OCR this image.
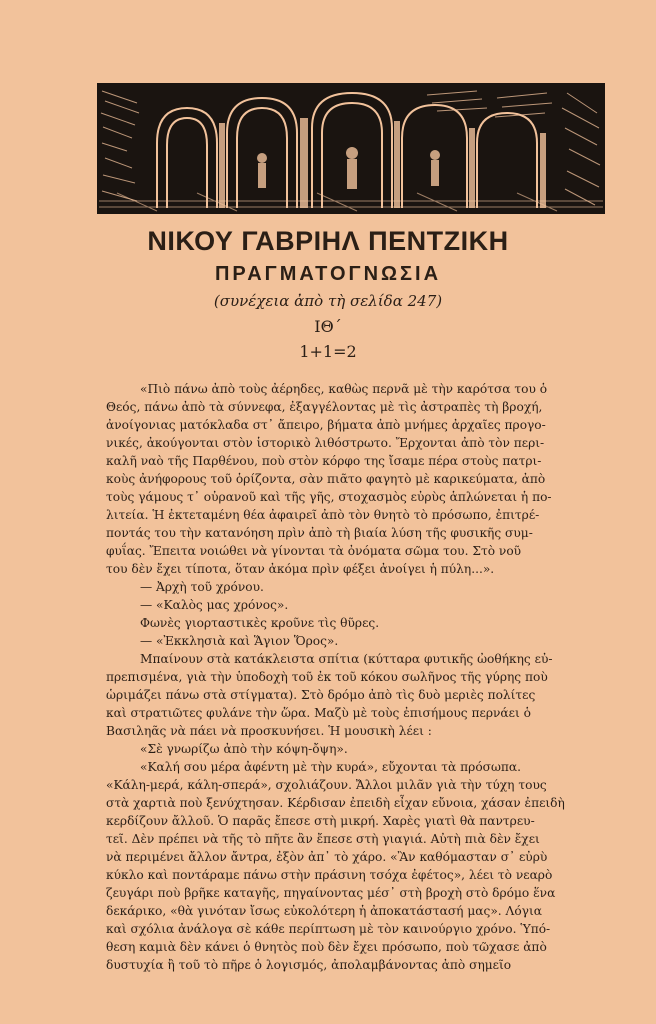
ΝΙΚΟΥ ΓΑΒΡΙΗΛ ΠΕΝΤΖΙΚΗ
ΠΡΑΓΜΑΤΟΓΝΩΣΙΑ
(συνέχεια ἀπὸ τὴ σελίδα 247)
ΙΘ΄
1+1=2

«Πιὸ πάνω ἀπὸ τοὺς ἀέρηδες, καθὼς περνᾶ μὲ τὴν καρότσα του ὁ

Θεός, πάνω ἀπὸ τὰ σύννεφα, ἐξαγγέλοντας μὲ τὶς ἀστραπὲς τὴ βροχή,

ἀνοίγονιας ματόκλαδα στ᾽ ἄπειρο, βήματα ἀπὸ μνήμες ἀρχαῖες προγο-

νικές, ἀκούγονται στὸν ἱστορικὸ λιθόστρωτο. Ἔρχονται ἀπὸ τὸν περι-

καλῆ ναὸ τῆς Παρθένου, ποὺ στὸν κόρφο της ἴσαμε πέρα στοὺς πατρι-

κοὺς ἀνήφορους τοῦ ὁρίζοντα, σὰν πιᾶτο φαγητὸ μὲ καρικεύματα, ἀπὸ

τοὺς γάμους τ᾽ οὐρανοῦ καὶ τῆς γῆς, στοχασμὸς εὐρὺς ἁπλώνεται ἡ πο-

λιτεία. Ἡ ἐκτεταμένη θέα ἀφαιρεῖ ἀπὸ τὸν θνητὸ τὸ πρόσωπο, ἐπιτρέ-

ποντάς του τὴν κατανόηση πρὶν ἀπὸ τὴ βιαία λύση τῆς φυσικῆς συμ-

φυΐας. Ἔπειτα νοιώθει νὰ γίνονται τὰ ὀνόματα σῶμα του. Στὸ νοῦ

του δὲν ἔχει τίποτα, ὅταν ἀκόμα πρὶν φέξει ἀνοίγει ἡ πύλη...».

— Ἀρχὴ τοῦ χρόνου.

— «Καλὸς μας χρόνος».

Φωνὲς γιορταστικὲς κροῦνε τὶς θῦρες.

— «Ἐκκλησιὰ καὶ Ἅγιον Ὅρος».

Μπαίνουν στὰ κατάκλειστα σπίτια (κύτταρα φυτικῆς ὠοθήκης εὐ-

πρεπισμένα, γιὰ τὴν ὑποδοχὴ τοῦ ἐκ τοῦ κόκου σωλῆνος τῆς γύρης ποὺ

ὡριμάζει πάνω στὰ στίγματα). Στὸ δρόμο ἀπὸ τὶς δυὸ μεριὲς πολίτες

καὶ στρατιῶτες φυλάνε τὴν ὥρα. Μαζὺ μὲ τοὺς ἐπισήμους περνάει ὁ

Βασιληᾶς νὰ πάει νὰ προσκυνήσει. Ἡ μουσικὴ λέει :

«Σὲ γνωρίζω ἀπὸ τὴν κόψη-ὄψη».

«Καλή σου μέρα ἀφέντη μὲ τὴν κυρά», εὔχονται τὰ πρόσωπα.

«Κάλη-μερά, κάλη-σπερά», σχολιάζουν. Ἄλλοι μιλᾶν γιὰ τὴν τύχη τους

στὰ χαρτιὰ ποὺ ξενύχτησαν. Κέρδισαν ἐπειδὴ εἶχαν εὔνοια, χάσαν ἐπειδὴ

κερδίζουν ἄλλοῦ. Ὁ παρᾶς ἔπεσε στὴ μικρή. Χαρὲς γιατὶ θὰ παντρευ-

τεῖ. Δὲν πρέπει νὰ τῆς τὸ πῆτε ἂν ἔπεσε στὴ γιαγιά. Αὐτὴ πιὰ δὲν ἔχει

νὰ περιμένει ἄλλον ἄντρα, ἐξὸν ἀπ᾽ τὸ χάρο. «Ἂν καθόμασταν σ᾽ εὐρὺ

κύκλο καὶ ποντάραμε πάνω στὴν πράσινη τσόχα ἐφέτος», λέει τὸ νεαρὸ

ζευγάρι ποὺ βρῆκε καταγῆς, πηγαίνοντας μέσ᾽ στὴ βροχὴ στὸ δρόμο ἕνα

δεκάρικο, «θὰ γινόταν ἴσως εὐκολότερη ἡ ἀποκατάστασή μας». Λόγια

καὶ σχόλια ἀνάλογα σὲ κάθε περίπτωση μὲ τὸν καινούργιο χρόνο. Ὑπό-

θεση καμιὰ δὲν κάνει ὁ θνητὸς ποὺ δὲν ἔχει πρόσωπο, ποὺ τῶχασε ἀπὸ

δυστυχία ἢ τοῦ τὸ πῆρε ὁ λογισμός, ἀπολαμβάνοντας ἀπὸ σημεῖο
